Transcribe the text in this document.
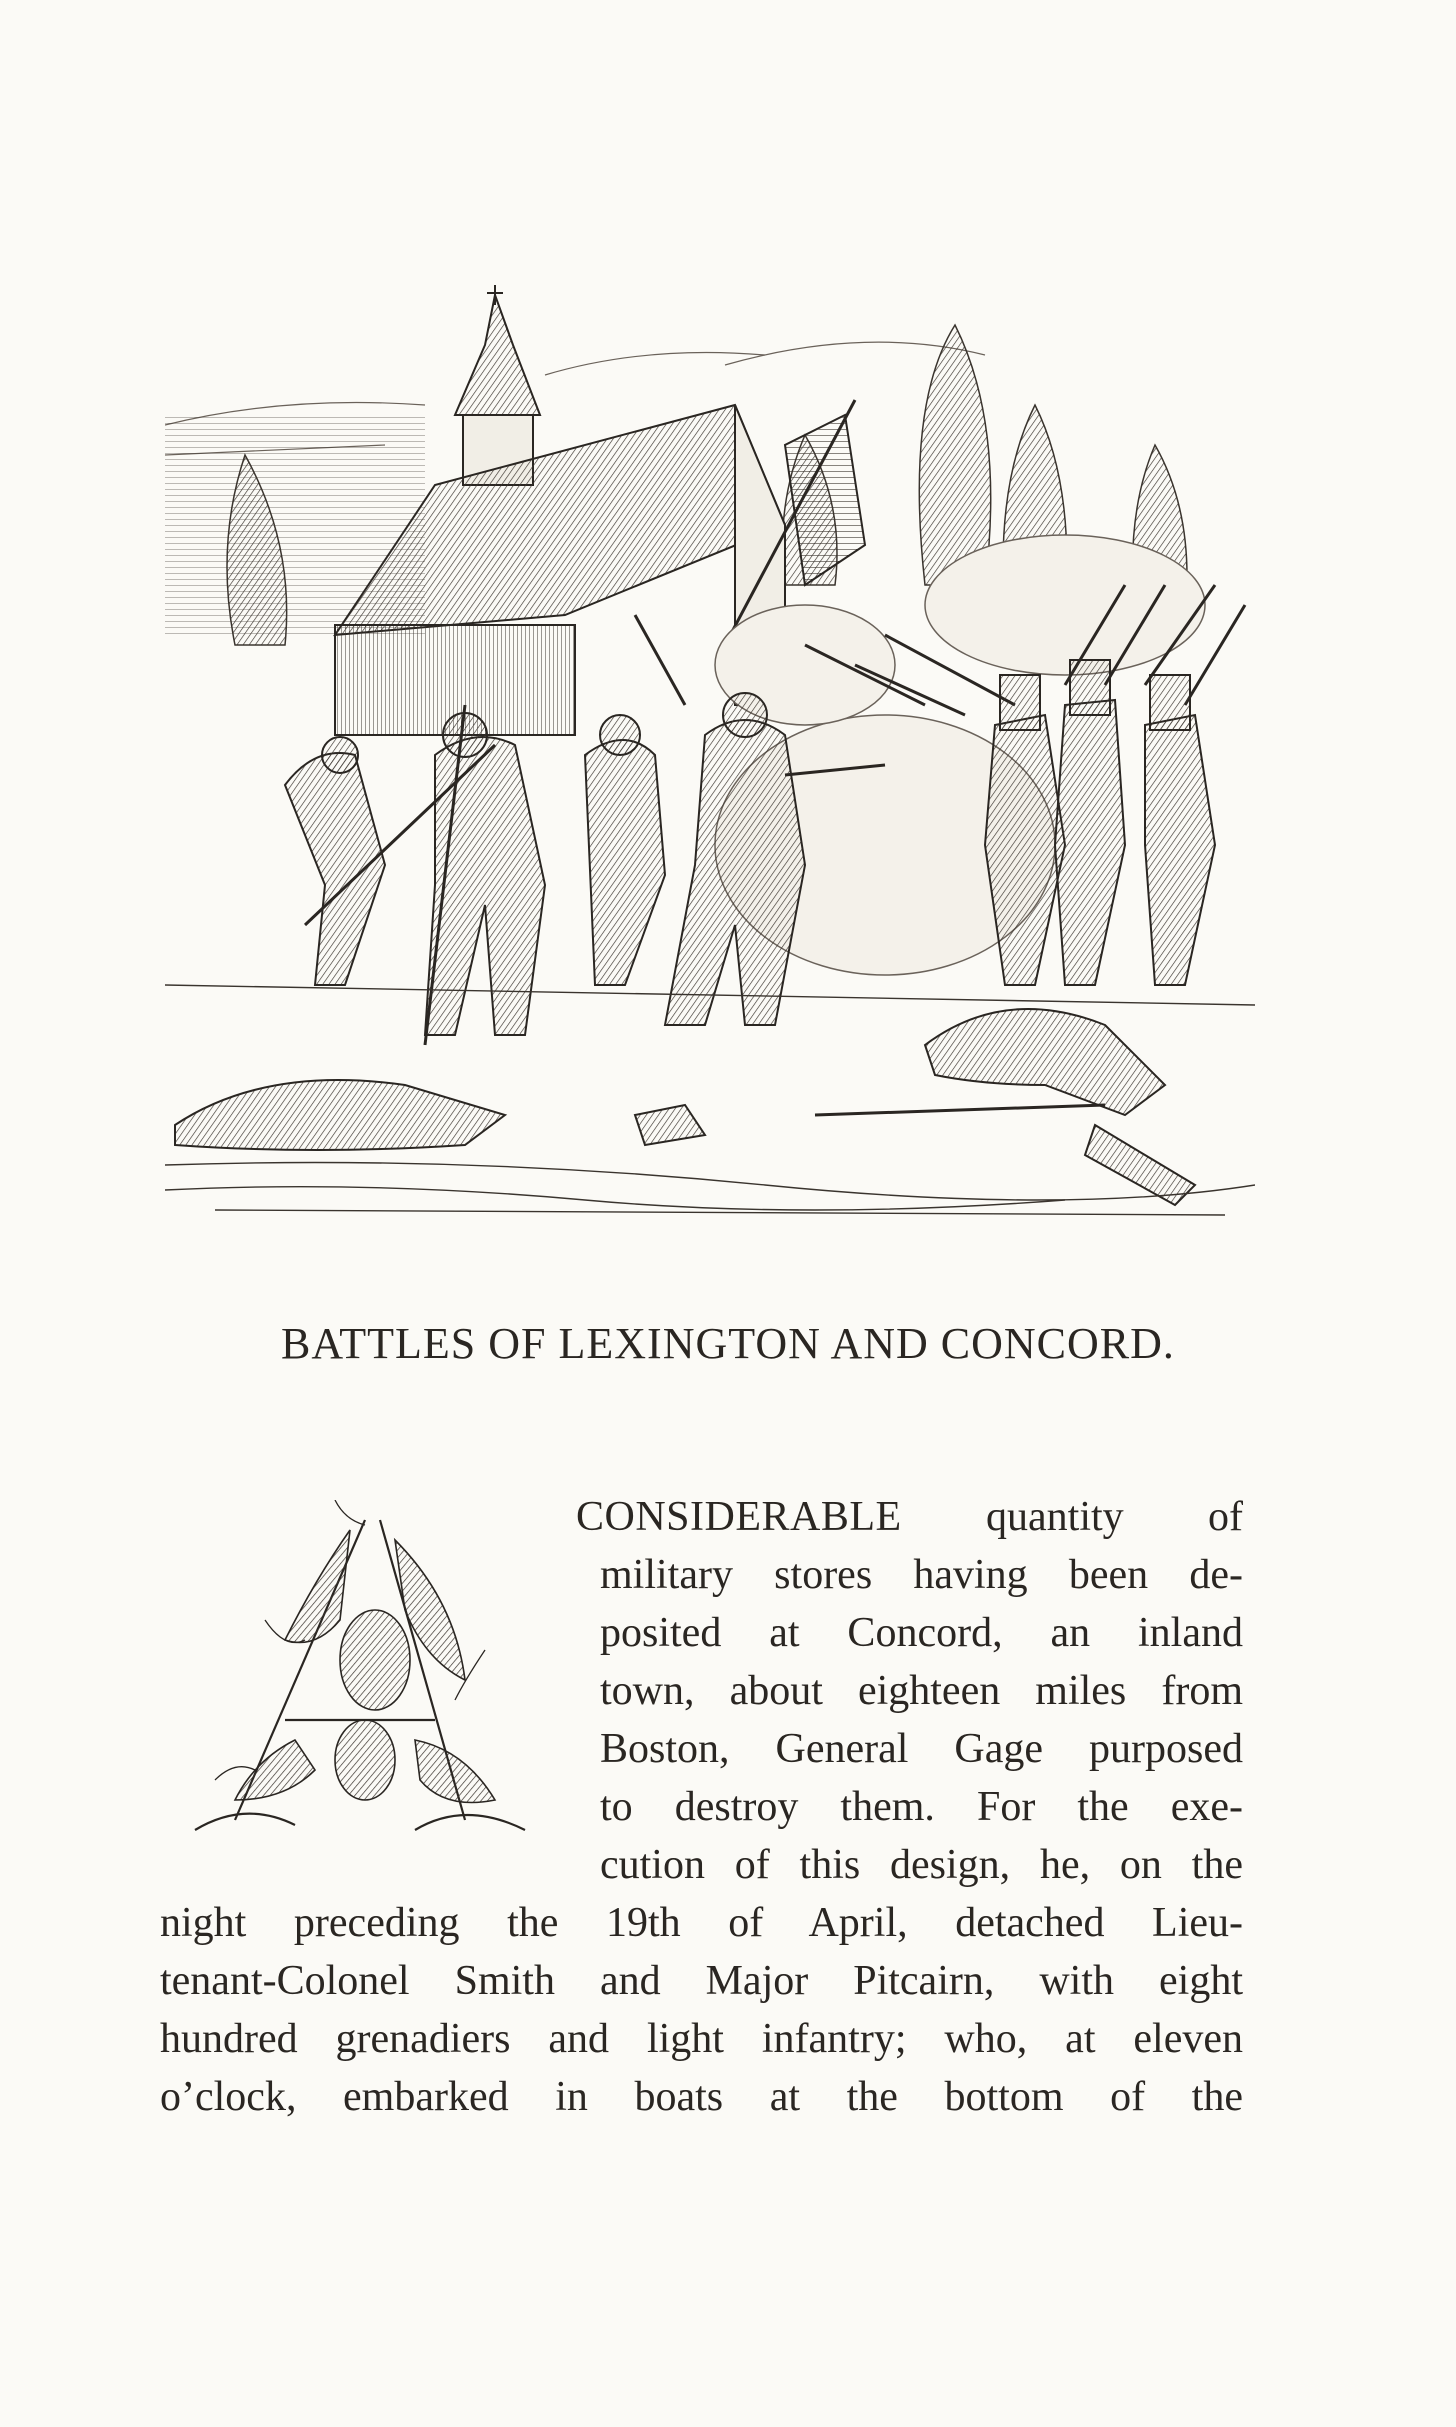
BATTLES OF LEXINGTON AND CONCORD.
CONSIDERABLE quantity of
military stores having been de-
posited at Concord, an inland
town, about eighteen miles from
Boston, General Gage purposed
to destroy them. For the exe-
cution of this design, he, on the
night preceding the 19th of April, detached Lieu-
tenant-Colonel Smith and Major Pitcairn, with eight
hundred grenadiers and light infantry; who, at eleven
o’clock, embarked in boats at the bottom of the
